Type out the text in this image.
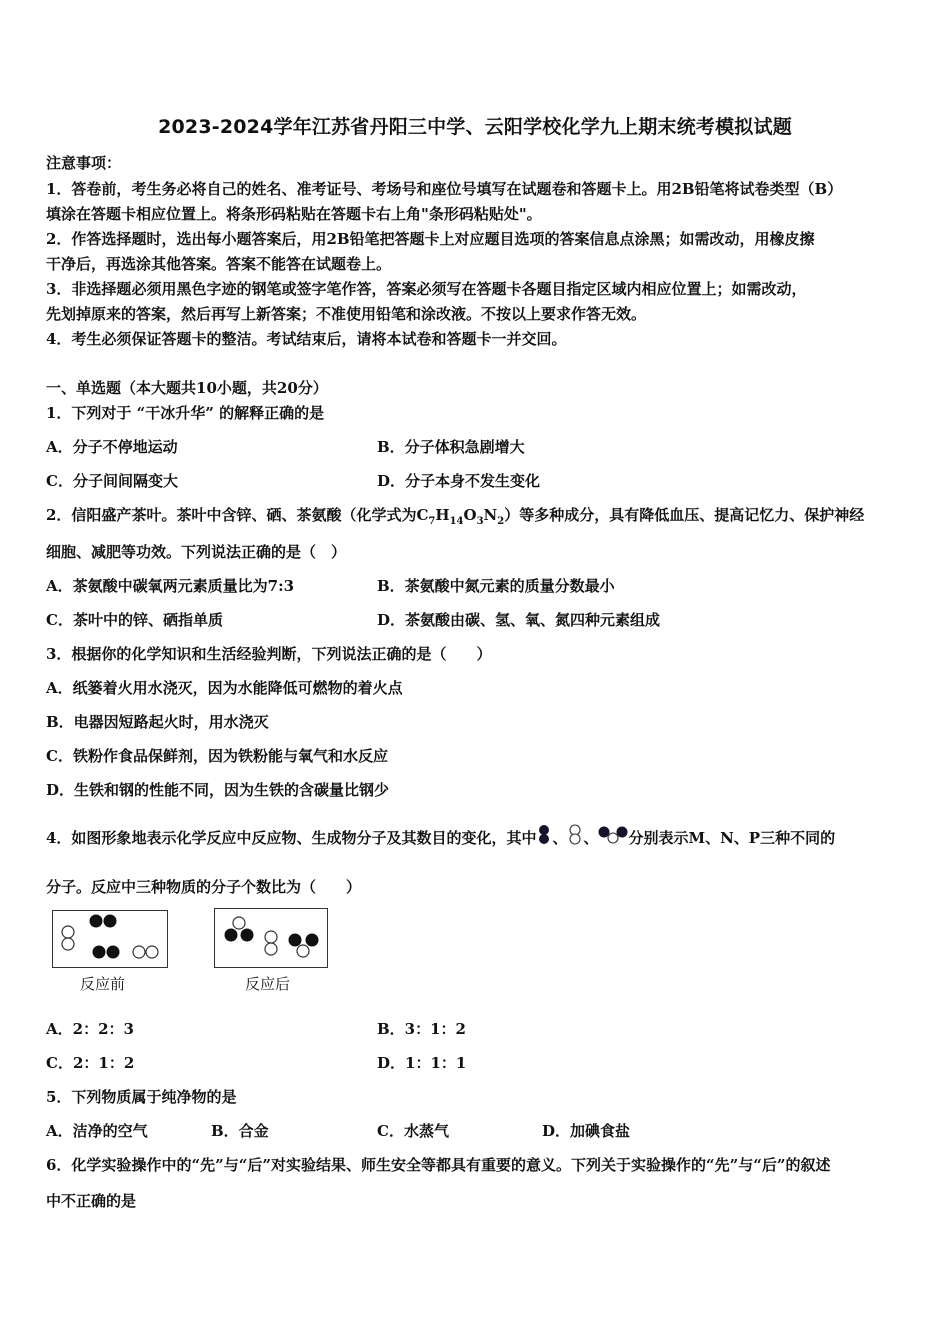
2023-2024学年江苏省丹阳三中学、云阳学校化学九上期末统考模拟试题
注意事项：
1．答卷前，考生务必将自己的姓名、准考证号、考场号和座位号填写在试题卷和答题卡上。用2B铅笔将试卷类型（B）
填涂在答题卡相应位置上。将条形码粘贴在答题卡右上角"条形码粘贴处"。
2．作答选择题时，选出每小题答案后，用2B铅笔把答题卡上对应题目选项的答案信息点涂黑；如需改动，用橡皮擦
干净后，再选涂其他答案。答案不能答在试题卷上。
3．非选择题必须用黑色字迹的钢笔或签字笔作答，答案必须写在答题卡各题目指定区域内相应位置上；如需改动，
先划掉原来的答案，然后再写上新答案；不准使用铅笔和涂改液。不按以上要求作答无效。
4．考生必须保证答题卡的整洁。考试结束后，请将本试卷和答题卡一并交回。
一、单选题（本大题共10小题，共20分）
1．下列对于 “干冰升华” 的解释正确的是
A．分子不停地运动	B．分子体积急剧增大
C．分子间间隔变大	D．分子本身不发生变化
2．信阳盛产茶叶。茶叶中含锌、硒、茶氨酸（化学式为$C_7H_{14}O_3N_2$）等多种成分，具有降低血压、提高记忆力、保护神经
细胞、减肥等功效。下列说法正确的是（　）
A．茶氨酸中碳氧两元素质量比为7:3	B．茶氨酸中氮元素的质量分数最小
C．茶叶中的锌、硒指单质	D．茶氨酸由碳、氢、氧、氮四种元素组成
3．根据你的化学知识和生活经验判断，下列说法正确的是（　　）
A．纸篓着火用水浇灭，因为水能降低可燃物的着火点
B．电器因短路起火时，用水浇灭
C．铁粉作食品保鲜剂，因为铁粉能与氧气和水反应
D．生铁和钢的性能不同，因为生铁的含碳量比钢少
4．如图形象地表示化学反应中反应物、生成物分子及其数目的变化，其中 、 、 分别表示M、N、P三种不同的
分子。反应中三种物质的分子个数比为（　　）
反应前	反应后
A．2：2：3	B．3：1：2
C．2：1：2	D．1：1：1
5．下列物质属于纯净物的是
A．洁净的空气	B．合金	C．水蒸气	D．加碘食盐
6．化学实验操作中的“先”与“后”对实验结果、师生安全等都具有重要的意义。下列关于实验操作的“先”与“后”的叙述
中不正确的是
